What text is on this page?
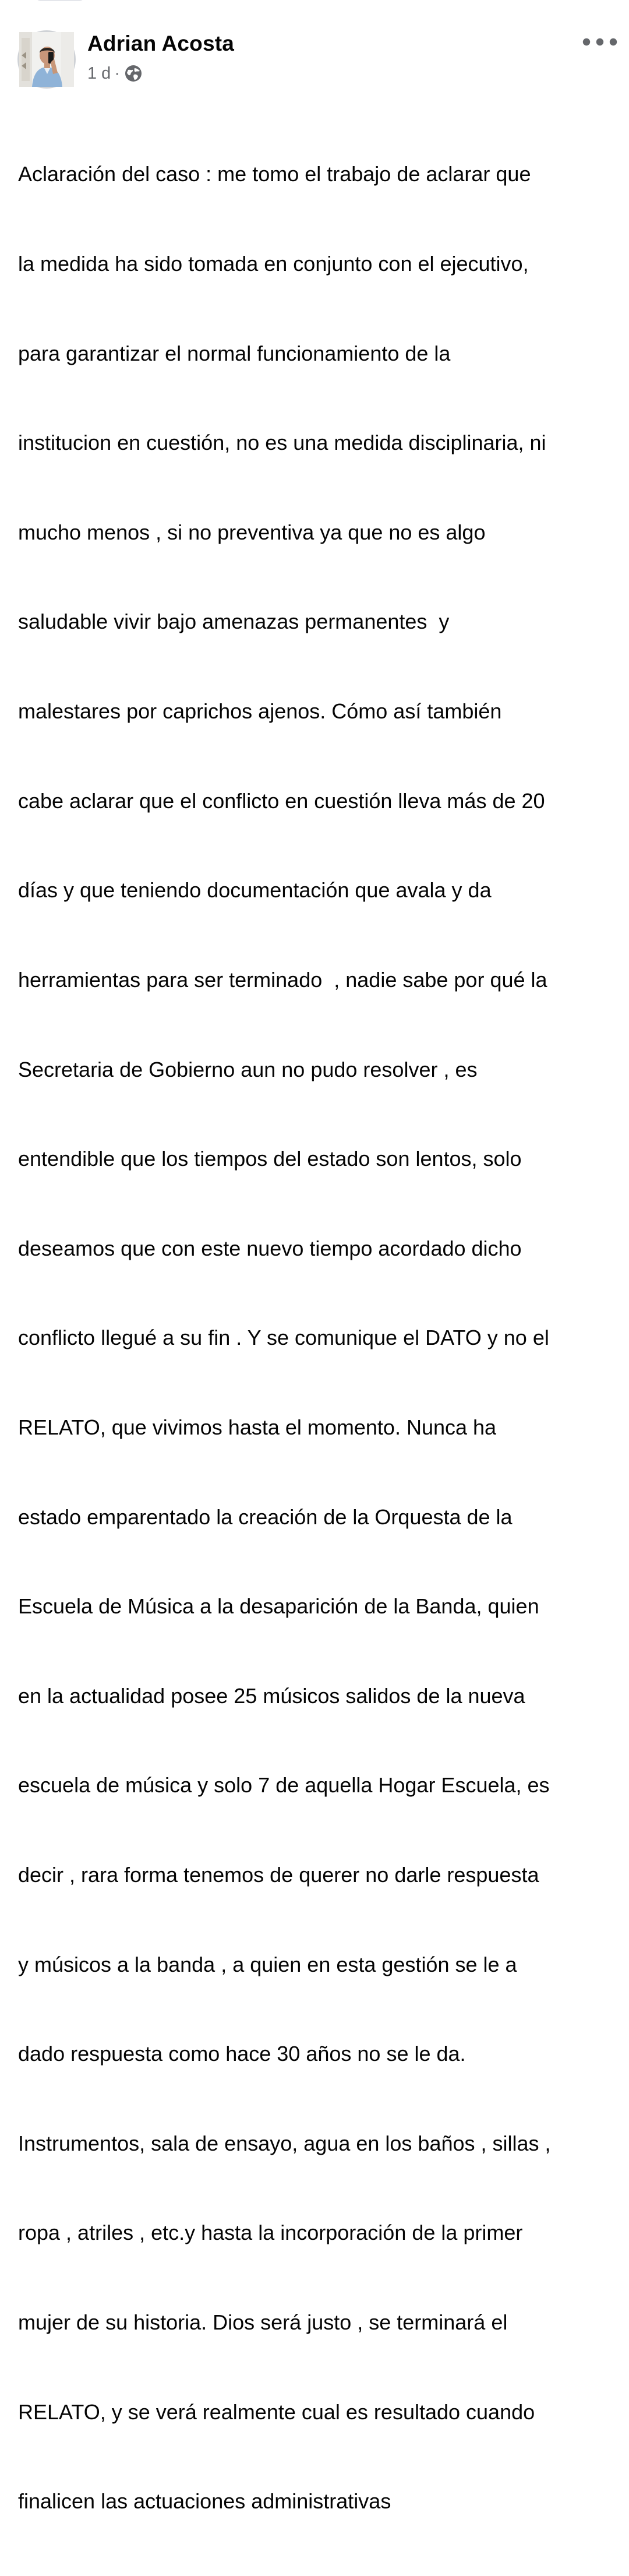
Adrian Acosta
1 d ·

Aclaración del caso : me tomo el trabajo de aclarar que

la medida ha sido tomada en conjunto con el ejecutivo,

para garantizar el normal funcionamiento de la

institucion en cuestión, no es una medida disciplinaria, ni

mucho menos , si no preventiva ya que no es algo

saludable vivir bajo amenazas permanentes  y

malestares por caprichos ajenos. Cómo así también

cabe aclarar que el conflicto en cuestión lleva más de 20

días y que teniendo documentación que avala y da

herramientas para ser terminado  , nadie sabe por qué la

Secretaria de Gobierno aun no pudo resolver , es

entendible que los tiempos del estado son lentos, solo

deseamos que con este nuevo tiempo acordado dicho

conflicto llegué a su fin . Y se comunique el DATO y no el

RELATO, que vivimos hasta el momento. Nunca ha

estado emparentado la creación de la Orquesta de la

Escuela de Música a la desaparición de la Banda, quien

en la actualidad posee 25 músicos salidos de la nueva

escuela de música y solo 7 de aquella Hogar Escuela, es

decir , rara forma tenemos de querer no darle respuesta

y músicos a la banda , a quien en esta gestión se le a

dado respuesta como hace 30 años no se le da.

Instrumentos, sala de ensayo, agua en los baños , sillas ,

ropa , atriles , etc.y hasta la incorporación de la primer

mujer de su historia. Dios será justo , se terminará el

RELATO, y se verá realmente cual es resultado cuando

finalicen las actuaciones administrativas
